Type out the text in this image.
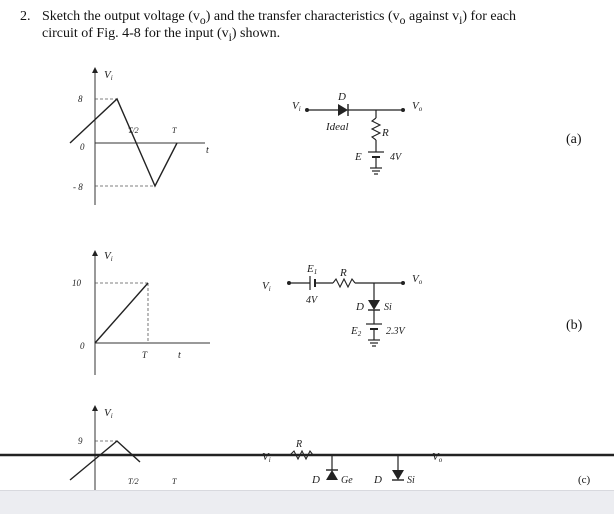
2. Sketch the output voltage $(v_o)$ and the transfer characteristics ($v_o$ against $v_i$) for each
circuit of Fig. 4-8 for the input $(v_i)$ shown.
(a)
(b)
Vi
8
0
- 8
T/2	T
t
Vi
D
Ideal
Vo
R
E	4V
Vi
10
0
T	t
Vi
E1
4V
R	Vo
D Si
E2 2.3V
Vi
9
T/2	T
Vi
R
D Ge D	Si
Vo
(c)
